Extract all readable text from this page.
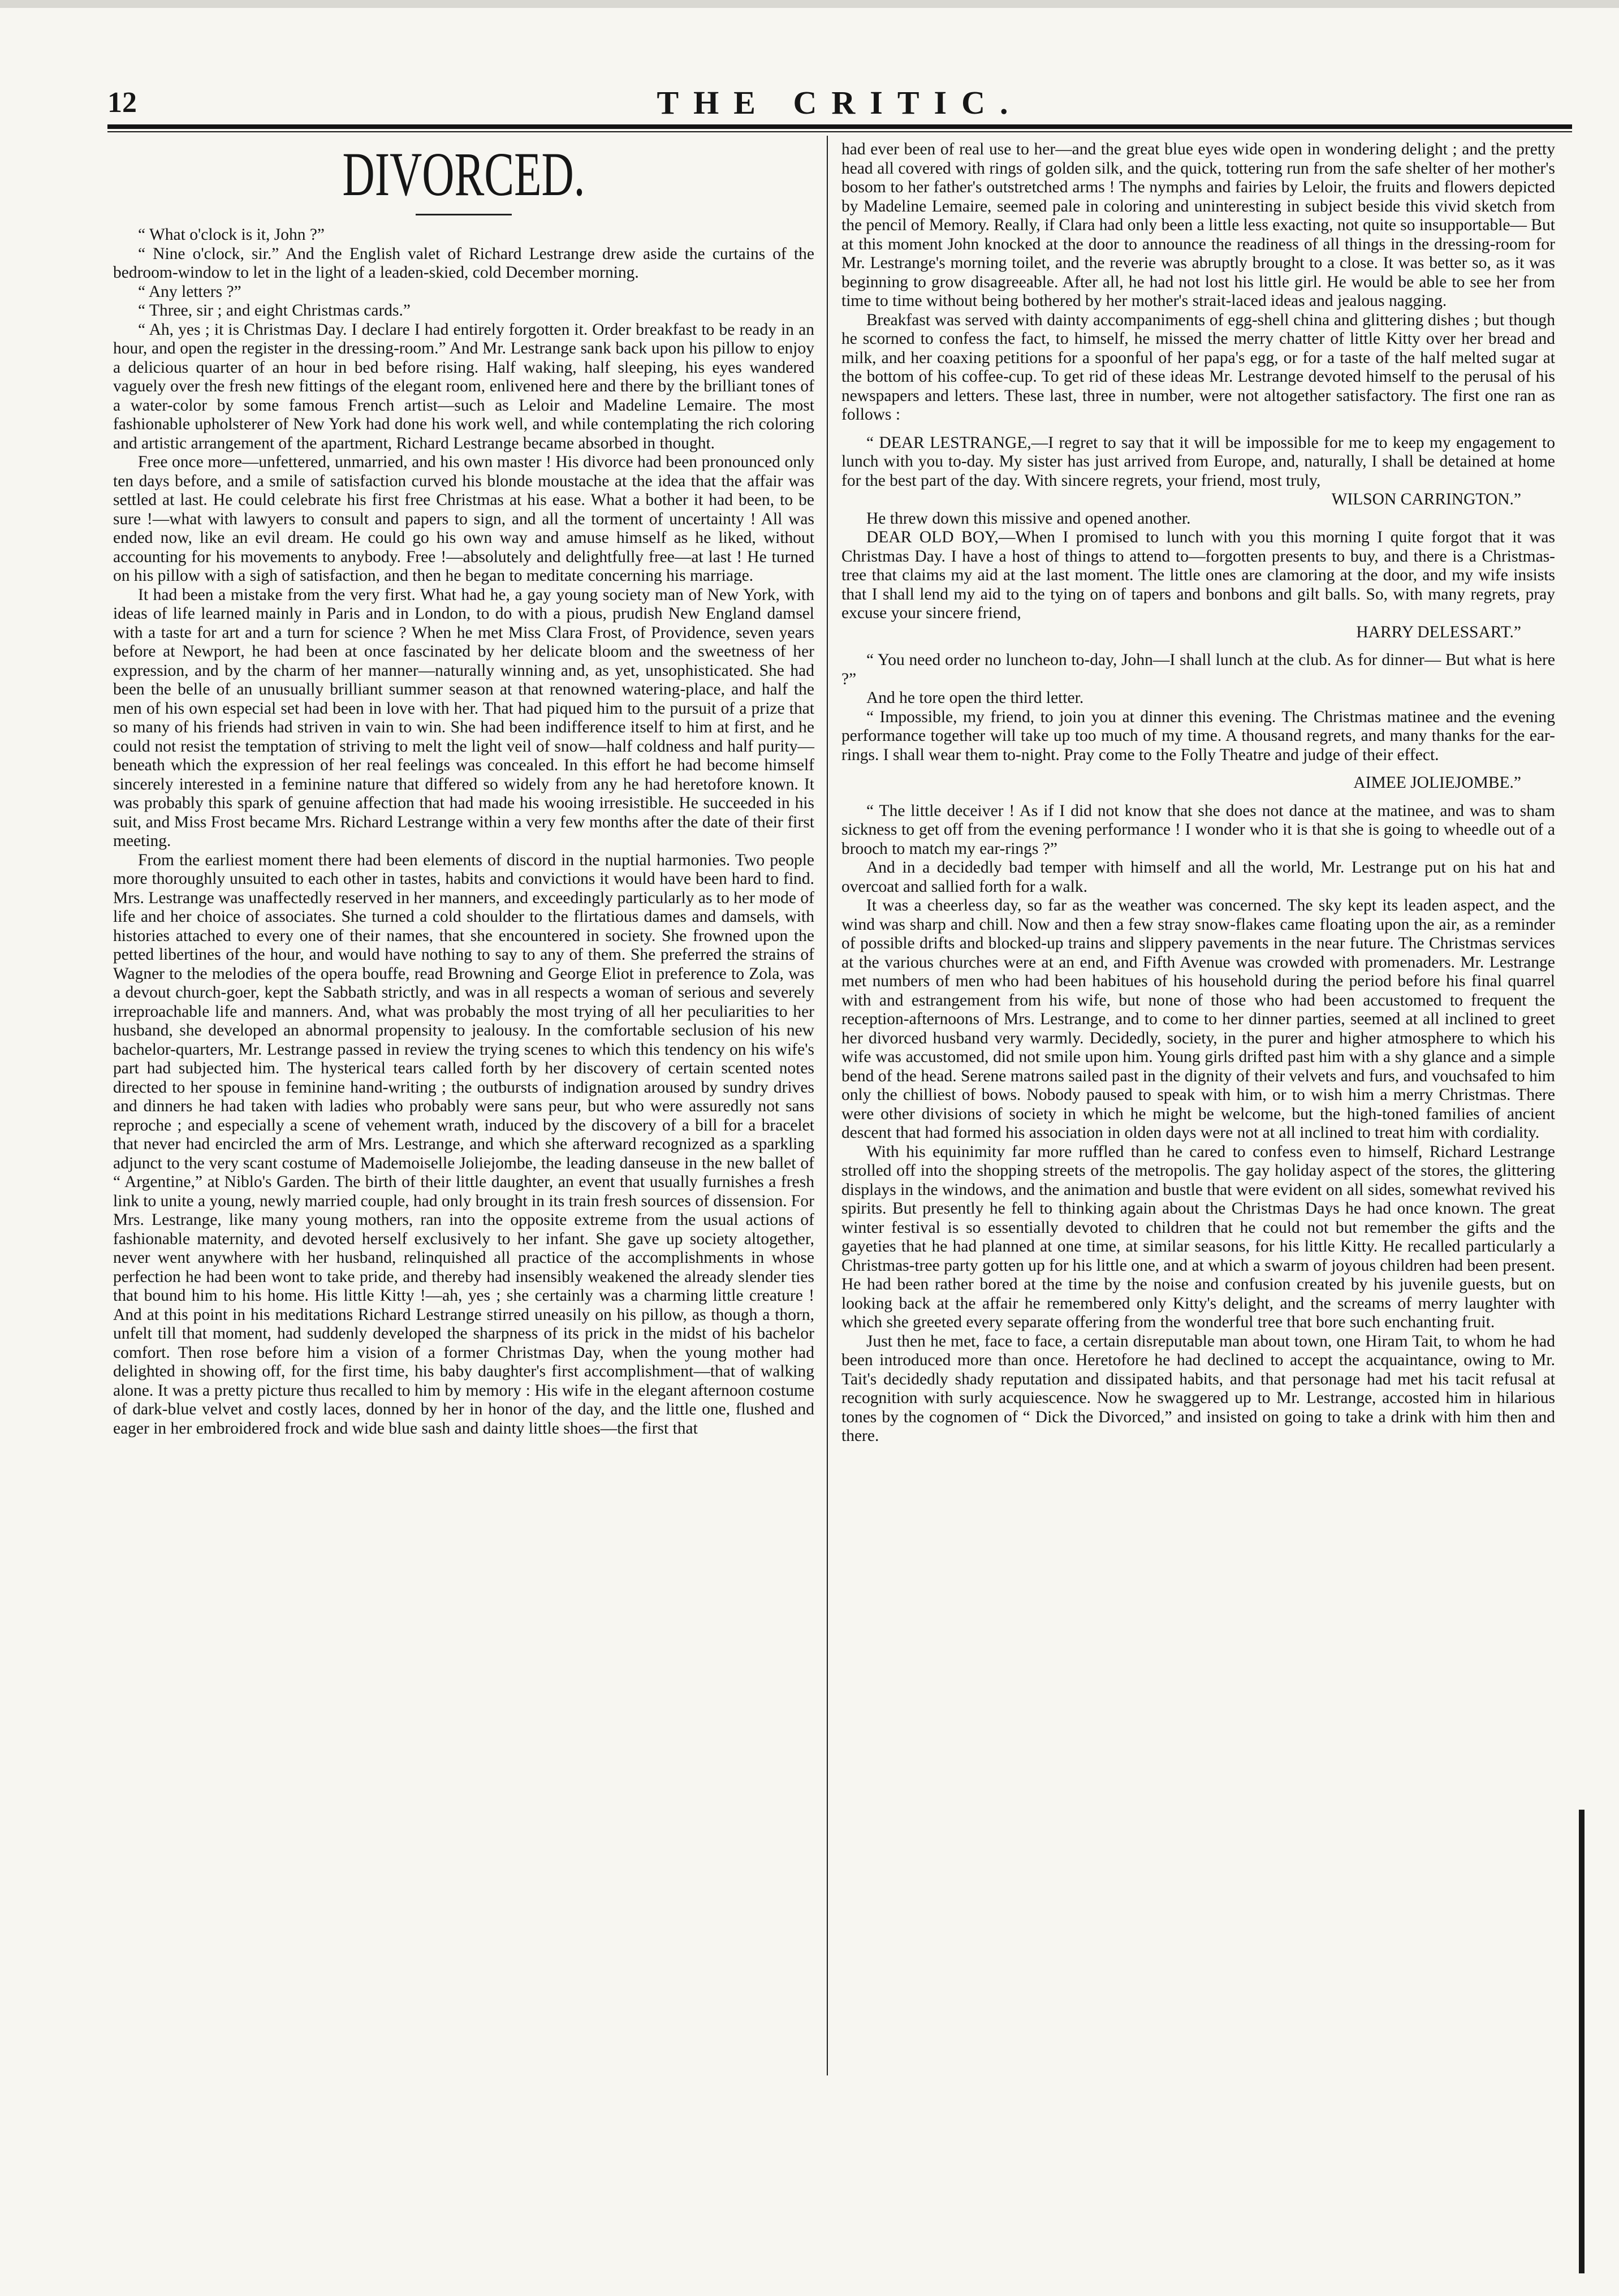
12	THE CRITIC.
DIVORCED.

“ What o'clock is it, John ?”

“ Nine o'clock, sir.” And the English valet of Richard Lestrange drew aside the curtains of the bedroom-window to let in the light of a leaden-skied, cold December morning.

“ Any letters ?”

“ Three, sir ; and eight Christmas cards.”

“ Ah, yes ; it is Christmas Day. I declare I had entirely forgotten it. Order breakfast to be ready in an hour, and open the register in the dressing-room.” And Mr. Lestrange sank back upon his pillow to enjoy a delicious quarter of an hour in bed before rising. Half waking, half sleeping, his eyes wandered vaguely over the fresh new fittings of the elegant room, enlivened here and there by the brilliant tones of a water-color by some famous French artist—such as Leloir and Madeline Lemaire. The most fashionable upholsterer of New York had done his work well, and while contemplating the rich coloring and artistic arrangement of the apartment, Richard Lestrange became absorbed in thought.

Free once more—unfettered, unmarried, and his own master ! His divorce had been pronounced only ten days before, and a smile of satisfaction curved his blonde moustache at the idea that the affair was settled at last. He could celebrate his first free Christmas at his ease. What a bother it had been, to be sure !—what with lawyers to consult and papers to sign, and all the torment of uncertainty ! All was ended now, like an evil dream. He could go his own way and amuse himself as he liked, without accounting for his movements to anybody. Free !—absolutely and delightfully free—at last ! He turned on his pillow with a sigh of satisfaction, and then he began to meditate concerning his marriage.

It had been a mistake from the very first. What had he, a gay young society man of New York, with ideas of life learned mainly in Paris and in London, to do with a pious, prudish New England damsel with a taste for art and a turn for science ? When he met Miss Clara Frost, of Providence, seven years before at Newport, he had been at once fascinated by her delicate bloom and the sweetness of her expression, and by the charm of her manner—naturally winning and, as yet, unsophisticated. She had been the belle of an unusually brilliant summer season at that renowned watering-place, and half the men of his own especial set had been in love with her. That had piqued him to the pursuit of a prize that so many of his friends had striven in vain to win. She had been indifference itself to him at first, and he could not resist the temptation of striving to melt the light veil of snow—half coldness and half purity—beneath which the expression of her real feelings was concealed. In this effort he had become himself sincerely interested in a feminine nature that differed so widely from any he had heretofore known. It was probably this spark of genuine affection that had made his wooing irresistible. He succeeded in his suit, and Miss Frost became Mrs. Richard Lestrange within a very few months after the date of their first meeting.

From the earliest moment there had been elements of discord in the nuptial harmonies. Two people more thoroughly unsuited to each other in tastes, habits and convictions it would have been hard to find. Mrs. Lestrange was unaffectedly reserved in her manners, and exceedingly particularly as to her mode of life and her choice of associates. She turned a cold shoulder to the flirtatious dames and damsels, with histories attached to every one of their names, that she encountered in society. She frowned upon the petted libertines of the hour, and would have nothing to say to any of them. She preferred the strains of Wagner to the melodies of the opera bouffe, read Browning and George Eliot in preference to Zola, was a devout church-goer, kept the Sabbath strictly, and was in all respects a woman of serious and severely irreproachable life and manners. And, what was probably the most trying of all her peculiarities to her husband, she developed an abnormal propensity to jealousy. In the comfortable seclusion of his new bachelor-quarters, Mr. Lestrange passed in review the trying scenes to which this tendency on his wife's part had subjected him. The hysterical tears called forth by her discovery of certain scented notes directed to her spouse in feminine hand-writing ; the outbursts of indignation aroused by sundry drives and dinners he had taken with ladies who probably were sans peur, but who were assuredly not sans reproche ; and especially a scene of vehement wrath, induced by the discovery of a bill for a bracelet that never had encircled the arm of Mrs. Lestrange, and which she afterward recognized as a sparkling adjunct to the very scant costume of Mademoiselle Joliejombe, the leading danseuse in the new ballet of “ Argentine,” at Niblo's Garden. The birth of their little daughter, an event that usually furnishes a fresh link to unite a young, newly married couple, had only brought in its train fresh sources of dissension. For Mrs. Lestrange, like many young mothers, ran into the opposite extreme from the usual actions of fashionable maternity, and devoted herself exclusively to her infant. She gave up society altogether, never went anywhere with her husband, relinquished all practice of the accomplishments in whose perfection he had been wont to take pride, and thereby had insensibly weakened the already slender ties that bound him to his home. His little Kitty !—ah, yes ; she certainly was a charming little creature ! And at this point in his meditations Richard Lestrange stirred uneasily on his pillow, as though a thorn, unfelt till that moment, had suddenly developed the sharpness of its prick in the midst of his bachelor comfort. Then rose before him a vision of a former Christmas Day, when the young mother had delighted in showing off, for the first time, his baby daughter's first accomplishment—that of walking alone. It was a pretty picture thus recalled to him by memory : His wife in the elegant afternoon costume of dark-blue velvet and costly laces, donned by her in honor of the day, and the little one, flushed and eager in her embroidered frock and wide blue sash and dainty little shoes—the first that

had ever been of real use to her—and the great blue eyes wide open in wondering delight ; and the pretty head all covered with rings of golden silk, and the quick, tottering run from the safe shelter of her mother's bosom to her father's outstretched arms ! The nymphs and fairies by Leloir, the fruits and flowers depicted by Madeline Lemaire, seemed pale in coloring and uninteresting in subject beside this vivid sketch from the pencil of Memory. Really, if Clara had only been a little less exacting, not quite so insupportable— But at this moment John knocked at the door to announce the readiness of all things in the dressing-room for Mr. Lestrange's morning toilet, and the reverie was abruptly brought to a close. It was better so, as it was beginning to grow disagreeable. After all, he had not lost his little girl. He would be able to see her from time to time without being bothered by her mother's strait-laced ideas and jealous nagging.

Breakfast was served with dainty accompaniments of egg-shell china and glittering dishes ; but though he scorned to confess the fact, to himself, he missed the merry chatter of little Kitty over her bread and milk, and her coaxing petitions for a spoonful of her papa's egg, or for a taste of the half melted sugar at the bottom of his coffee-cup. To get rid of these ideas Mr. Lestrange devoted himself to the perusal of his newspapers and letters. These last, three in number, were not altogether satisfactory. The first one ran as follows :

“ DEAR LESTRANGE,—I regret to say that it will be impossible for me to keep my engagement to lunch with you to-day. My sister has just arrived from Europe, and, naturally, I shall be detained at home for the best part of the day. With sincere regrets, your friend, most truly,

WILSON CARRINGTON.”

He threw down this missive and opened another.

DEAR OLD BOY,—When I promised to lunch with you this morning I quite forgot that it was Christmas Day. I have a host of things to attend to—forgotten presents to buy, and there is a Christmas-tree that claims my aid at the last moment. The little ones are clamoring at the door, and my wife insists that I shall lend my aid to the tying on of tapers and bonbons and gilt balls. So, with many regrets, pray excuse your sincere friend,

HARRY DELESSART.”

“ You need order no luncheon to-day, John—I shall lunch at the club. As for dinner— But what is here ?”

And he tore open the third letter.

“ Impossible, my friend, to join you at dinner this evening. The Christmas matinee and the evening performance together will take up too much of my time. A thousand regrets, and many thanks for the ear-rings. I shall wear them to-night. Pray come to the Folly Theatre and judge of their effect.

AIMEE JOLIEJOMBE.”

“ The little deceiver ! As if I did not know that she does not dance at the matinee, and was to sham sickness to get off from the evening performance ! I wonder who it is that she is going to wheedle out of a brooch to match my ear-rings ?”

And in a decidedly bad temper with himself and all the world, Mr. Lestrange put on his hat and overcoat and sallied forth for a walk.

It was a cheerless day, so far as the weather was concerned. The sky kept its leaden aspect, and the wind was sharp and chill. Now and then a few stray snow-flakes came floating upon the air, as a reminder of possible drifts and blocked-up trains and slippery pavements in the near future. The Christmas services at the various churches were at an end, and Fifth Avenue was crowded with promenaders. Mr. Lestrange met numbers of men who had been habitues of his household during the period before his final quarrel with and estrangement from his wife, but none of those who had been accustomed to frequent the reception-afternoons of Mrs. Lestrange, and to come to her dinner parties, seemed at all inclined to greet her divorced husband very warmly. Decidedly, society, in the purer and higher atmosphere to which his wife was accustomed, did not smile upon him. Young girls drifted past him with a shy glance and a simple bend of the head. Serene matrons sailed past in the dignity of their velvets and furs, and vouchsafed to him only the chilliest of bows. Nobody paused to speak with him, or to wish him a merry Christmas. There were other divisions of society in which he might be welcome, but the high-toned families of ancient descent that had formed his association in olden days were not at all inclined to treat him with cordiality.

With his equinimity far more ruffled than he cared to confess even to himself, Richard Lestrange strolled off into the shopping streets of the metropolis. The gay holiday aspect of the stores, the glittering displays in the windows, and the animation and bustle that were evident on all sides, somewhat revived his spirits. But presently he fell to thinking again about the Christmas Days he had once known. The great winter festival is so essentially devoted to children that he could not but remember the gifts and the gayeties that he had planned at one time, at similar seasons, for his little Kitty. He recalled particularly a Christmas-tree party gotten up for his little one, and at which a swarm of joyous children had been present. He had been rather bored at the time by the noise and confusion created by his juvenile guests, but on looking back at the affair he remembered only Kitty's delight, and the screams of merry laughter with which she greeted every separate offering from the wonderful tree that bore such enchanting fruit.

Just then he met, face to face, a certain disreputable man about town, one Hiram Tait, to whom he had been introduced more than once. Heretofore he had declined to accept the acquaintance, owing to Mr. Tait's decidedly shady reputation and dissipated habits, and that personage had met his tacit refusal at recognition with surly acquiescence. Now he swaggered up to Mr. Lestrange, accosted him in hilarious tones by the cognomen of “ Dick the Divorced,” and insisted on going to take a drink with him then and there.
